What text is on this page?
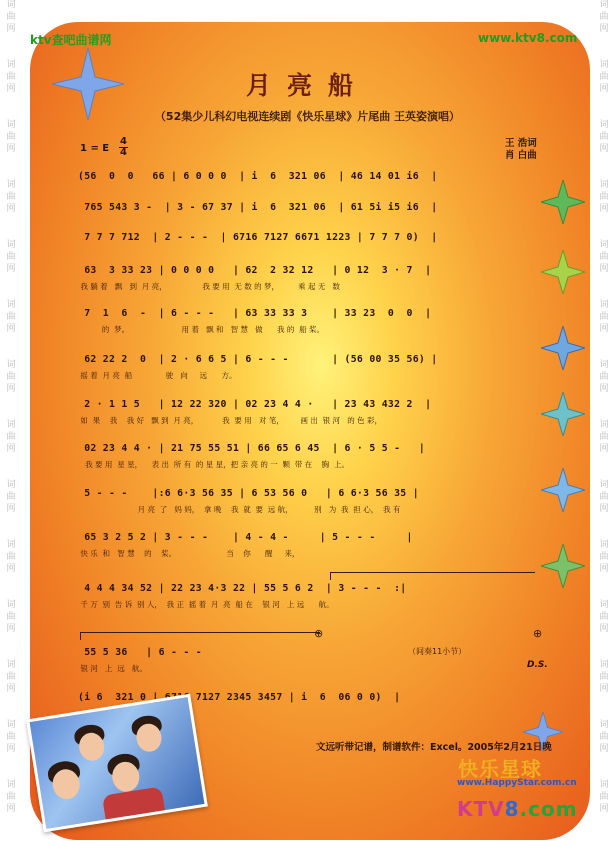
词
曲
网
词
曲
网
词
曲
网
词
曲
网
词
曲
网
词
曲
网
词
曲
网
词
曲
网
词
曲
网
词
曲
网
词
曲
网
词
曲
网
词
曲
网
词
曲
网
词
曲
网
词
曲
网
词
曲
网
词
曲
网
词
曲
网
词
曲
网
词
曲
网
词
曲
网
词
曲
网
词
曲
网
词
曲
网
词
曲
网
词
曲
网
词
曲
网
ktv查吧曲谱网	www.ktv8.com
月亮船
（52集少儿科幻电视连续剧《快乐星球》片尾曲 王英姿演唱）
1 = E
4
4
王 浩词
肖 白曲
(56  0  0   66 | 6 0 0 0  | i  6  321 06  | 46 14 01 i6  |
765 543 3 -  | 3 - 67 37 | i  6  321 06  | 61 5i i5 i6  |
7 7 7 712  | 2 - - -  | 6716 7127 6671 1223 | 7 7 7 0)  |
63  3 33 23 | 0 0 0 0   | 62  2 32 12   | 0 12  3 · 7  |
我 躺 着   飘   到  月 亮，               我 要 用  无 数 的 梦，        乘 起 无   数
7  1  6  -  | 6 - - -   | 63 33 33 3    | 33 23  0  0  |
的  梦。                      用 着   飘 和   智 慧   做      我 的  船 桨。
62 22 2  0  | 2 · 6 6 5 | 6 - - -       | (56 00 35 56) |
摇 着  月 亮  船              驶   向     远      方。
2 · 1 1 5   | 12 22 320 | 02 23 4 4 ·   | 23 43 432 2  |
如  果    我    我 好   飘 到  月 亮，          我  要 用   对 笔，       画 出  银 河   的 色 彩，
02 23 4 4 · | 21 75 55 51 | 66 65 6 45  | 6 · 5 5 -   |
我 要 用  星 星，    表 出  所 有  的 星 星，把 亲 亮 的 一  颗  带 在    胸  上。
5 - - -    |:6 6·3 56 35 | 6 53 56 0   | 6 6·3 56 35 |
月 亮  了   妈 妈，  拿 晚    我  就  要  远 航，         别   为  我  担 心，  我 有
65 3 2 5 2 | 3 - - -    | 4 - 4 -     | 5 - - -     |
快 乐  和   智 慧    的    桨。                     当    你      醒     来，
4 4 4 34 52 | 22 23 4·3 22 | 55 5 6 2  | 3 - - -  :|
千 万  别  告 诉  别 人，  我 正  摇 着  月  亮  船 在    银 河   上 远      航。
⊕	⊕
55 5 36   | 6 - - -
银 河   上  远   航。
（间奏11小节）
D.S.
(i 6  321 0 | 6716 7127 2345 3457 | i  6  06 0 0)  |
文远听带记谱，制谱软件：Excel。2005年2月21日晚
快乐星球
www.HappyStar.com.cn
KTV8.com
